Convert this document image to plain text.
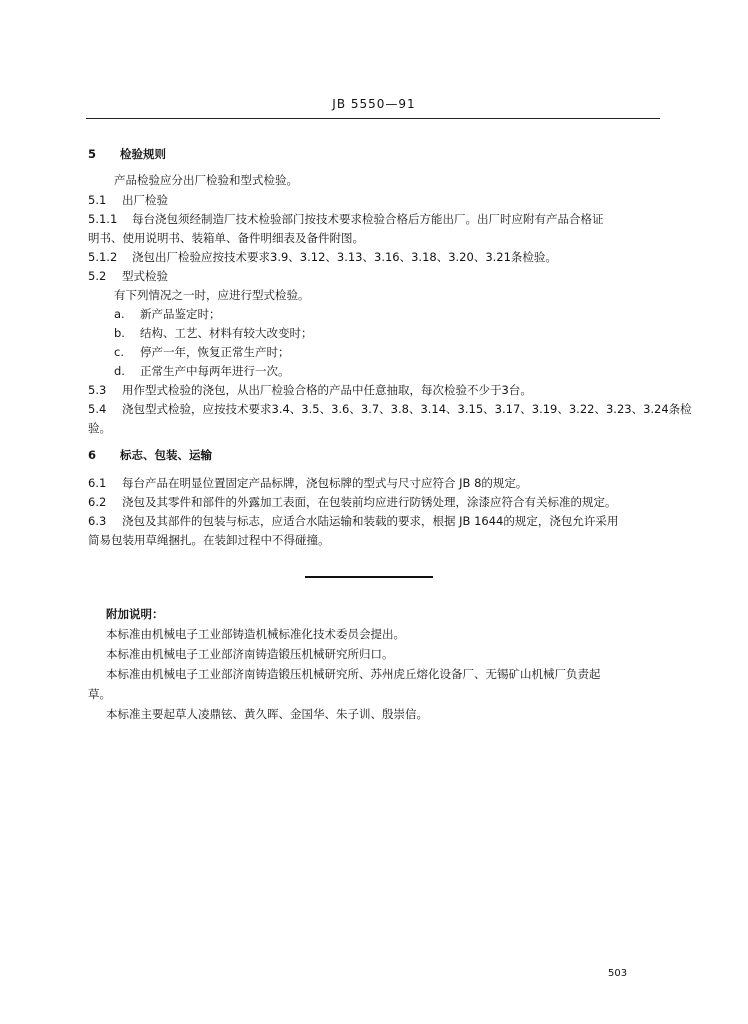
JB 5550—91
5 检验规则
产品检验应分出厂检验和型式检验。
5.1 出厂检验
5.1.1 每台浇包须经制造厂技术检验部门按技术要求检验合格后方能出厂。出厂时应附有产品合格证
明书、使用说明书、装箱单、备件明细表及备件附图。
5.1.2 浇包出厂检验应按技术要求3.9、3.12、3.13、3.16、3.18、3.20、3.21条检验。
5.2 型式检验
有下列情况之一时，应进行型式检验。
a. 新产品鉴定时；
b. 结构、工艺、材料有较大改变时；
c. 停产一年，恢复正常生产时；
d. 正常生产中每两年进行一次。
5.3 用作型式检验的浇包，从出厂检验合格的产品中任意抽取，每次检验不少于3台。
5.4 浇包型式检验，应按技术要求3.4、3.5、3.6、3.7、3.8、3.14、3.15、3.17、3.19、3.22、3.23、3.24条检
验。
6 标志、包装、运输
6.1 每台产品在明显位置固定产品标牌，浇包标牌的型式与尺寸应符合 JB 8的规定。
6.2 浇包及其零件和部件的外露加工表面，在包装前均应进行防锈处理，涂漆应符合有关标准的规定。
6.3 浇包及其部件的包装与标志，应适合水陆运输和装载的要求，根据 JB 1644的规定，浇包允许采用
简易包装用草绳捆扎。在装卸过程中不得碰撞。
附加说明：
本标准由机械电子工业部铸造机械标准化技术委员会提出。
本标准由机械电子工业部济南铸造锻压机械研究所归口。
本标准由机械电子工业部济南铸造锻压机械研究所、苏州虎丘熔化设备厂、无锡矿山机械厂负责起
草。
本标准主要起草人凌鼎铉、黄久晖、金国华、朱子训、殷崇信。
503
